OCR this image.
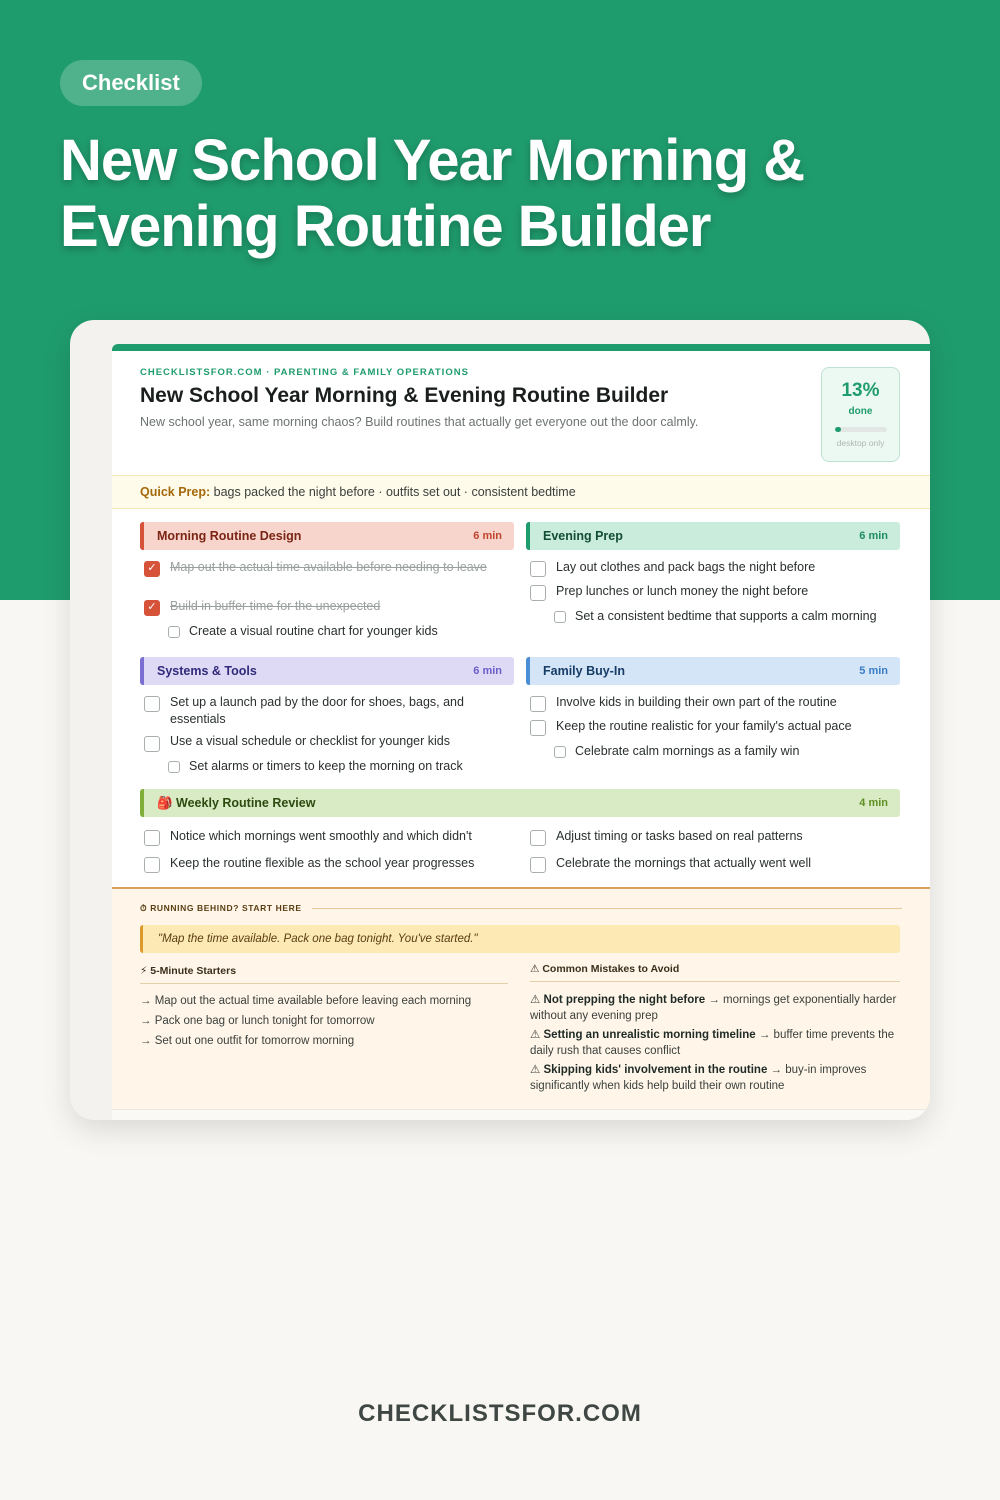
Checklist
New School Year Morning & Evening Routine Builder
CHECKLISTSFOR.COM · PARENTING & FAMILY OPERATIONS
New School Year Morning & Evening Routine Builder
New school year, same morning chaos? Build routines that actually get everyone out the door calmly.
13%
done
desktop only
Quick Prep: bags packed the night before · outfits set out · consistent bedtime
Morning Routine Design	6 min
✓ Map out the actual time available before needing to leave
✓ Build in buffer time for the unexpected
Create a visual routine chart for younger kids
Evening Prep	6 min
Lay out clothes and pack bags the night before
Prep lunches or lunch money the night before
Set a consistent bedtime that supports a calm morning
Systems & Tools	6 min
Set up a launch pad by the door for shoes, bags, and essentials
Use a visual schedule or checklist for younger kids
Set alarms or timers to keep the morning on track
Family Buy-In	5 min
Involve kids in building their own part of the routine
Keep the routine realistic for your family's actual pace
Celebrate calm mornings as a family win
🎒 Weekly Routine Review	4 min
Notice which mornings went smoothly and which didn't	Adjust timing or tasks based on real patterns
Keep the routine flexible as the school year progresses	Celebrate the mornings that actually went well
⏱ RUNNING BEHIND? START HERE
"Map the time available. Pack one bag tonight. You've started."
⚡ 5-Minute Starters
→ Map out the actual time available before leaving each morning
→ Pack one bag or lunch tonight for tomorrow
→ Set out one outfit for tomorrow morning
⚠ Common Mistakes to Avoid
⚠ Not prepping the night before → mornings get exponentially harder without any evening prep
⚠ Setting an unrealistic morning timeline → buffer time prevents the daily rush that causes conflict
⚠ Skipping kids' involvement in the routine → buy-in improves significantly when kids help build their own routine
CHECKLISTSFOR.COM
